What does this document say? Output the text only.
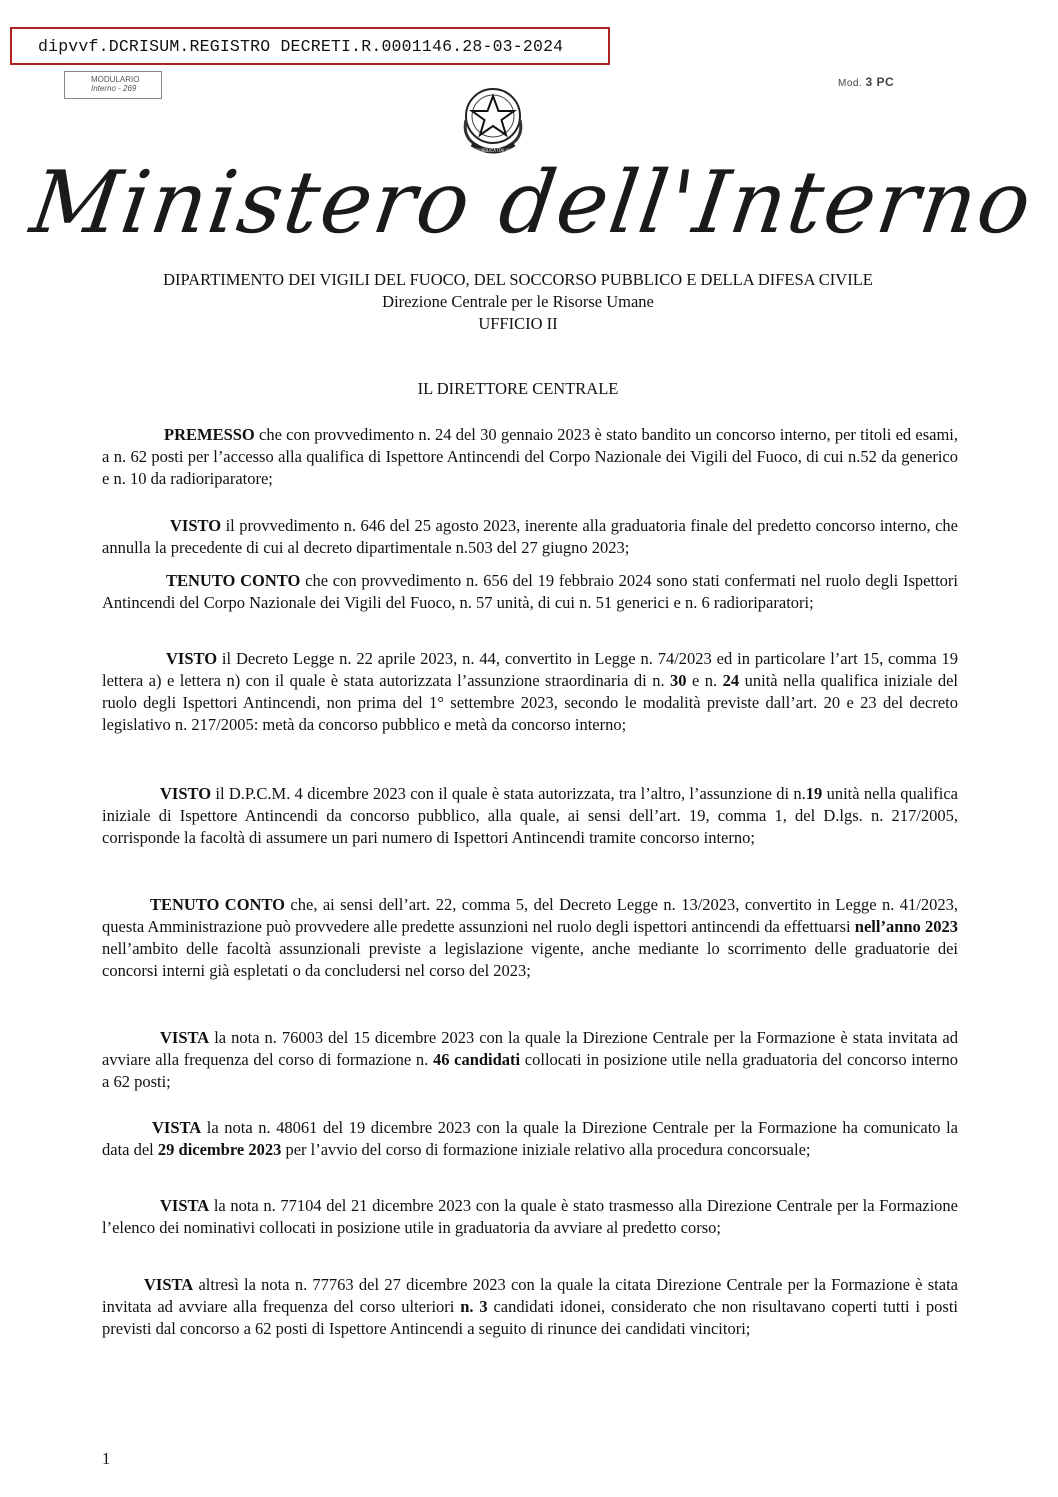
dipvvf.DCRISUM.REGISTRO DECRETI.R.0001146.28-03-2024
MODULARIO
Interno - 269	Mod. 3 PC
REPUBBLICA ITALIANA
Ministero dell'Interno
DIPARTIMENTO DEI VIGILI DEL FUOCO, DEL SOCCORSO PUBBLICO E DELLA DIFESA CIVILE
Direzione Centrale per le Risorse Umane
UFFICIO II
IL DIRETTORE CENTRALE

PREMESSO che con provvedimento n. 24 del 30 gennaio 2023 è stato bandito un concorso interno, per titoli ed esami, a n. 62 posti per l’accesso alla qualifica di Ispettore Antincendi del Corpo Nazionale dei Vigili del Fuoco, di cui n.52 da generico e n. 10 da radioriparatore;

VISTO il provvedimento n. 646 del 25 agosto 2023, inerente alla graduatoria finale del predetto concorso interno, che annulla la precedente di cui al decreto dipartimentale n.503 del 27 giugno 2023;

TENUTO CONTO che con provvedimento n. 656 del 19 febbraio 2024 sono stati confermati nel ruolo degli Ispettori Antincendi del Corpo Nazionale dei Vigili del Fuoco, n. 57 unità, di cui n. 51 generici e n. 6 radioriparatori;

VISTO il Decreto Legge n. 22 aprile 2023, n. 44, convertito in Legge n. 74/2023 ed in particolare l’art 15, comma 19 lettera a) e lettera n) con il quale è stata autorizzata l’assunzione straordinaria di n. 30 e n. 24 unità nella qualifica iniziale del ruolo degli Ispettori Antincendi, non prima del 1° settembre 2023, secondo le modalità previste dall’art. 20 e 23 del decreto legislativo n. 217/2005: metà da concorso pubblico e metà da concorso interno;

VISTO il D.P.C.M. 4 dicembre 2023 con il quale è stata autorizzata, tra l’altro, l’assunzione di n.19 unità nella qualifica iniziale di Ispettore Antincendi da concorso pubblico, alla quale, ai sensi dell’art. 19, comma 1, del D.lgs. n. 217/2005, corrisponde la facoltà di assumere un pari numero di Ispettori Antincendi tramite concorso interno;

TENUTO CONTO che, ai sensi dell’art. 22, comma 5, del Decreto Legge n. 13/2023, convertito in Legge n. 41/2023, questa Amministrazione può provvedere alle predette assunzioni nel ruolo degli ispettori antincendi da effettuarsi nell’anno 2023 nell’ambito delle facoltà assunzionali previste a legislazione vigente, anche mediante lo scorrimento delle graduatorie dei concorsi interni già espletati o da concludersi nel corso del 2023;

VISTA la nota n. 76003 del 15 dicembre 2023 con la quale la Direzione Centrale per la Formazione è stata invitata ad avviare alla frequenza del corso di formazione n. 46 candidati collocati in posizione utile nella graduatoria del concorso interno a 62 posti;

VISTA la nota n. 48061 del 19 dicembre 2023 con la quale la Direzione Centrale per la Formazione ha comunicato la data del 29 dicembre 2023 per l’avvio del corso di formazione iniziale relativo alla procedura concorsuale;

VISTA la nota n. 77104 del 21 dicembre 2023 con la quale è stato trasmesso alla Direzione Centrale per la Formazione l’elenco dei nominativi collocati in posizione utile in graduatoria da avviare al predetto corso;

VISTA altresì la nota n. 77763 del 27 dicembre 2023 con la quale la citata Direzione Centrale per la Formazione è stata invitata ad avviare alla frequenza del corso ulteriori n. 3 candidati idonei, considerato che non risultavano coperti tutti i posti previsti dal concorso a 62 posti di Ispettore Antincendi a seguito di rinunce dei candidati vincitori;

1
